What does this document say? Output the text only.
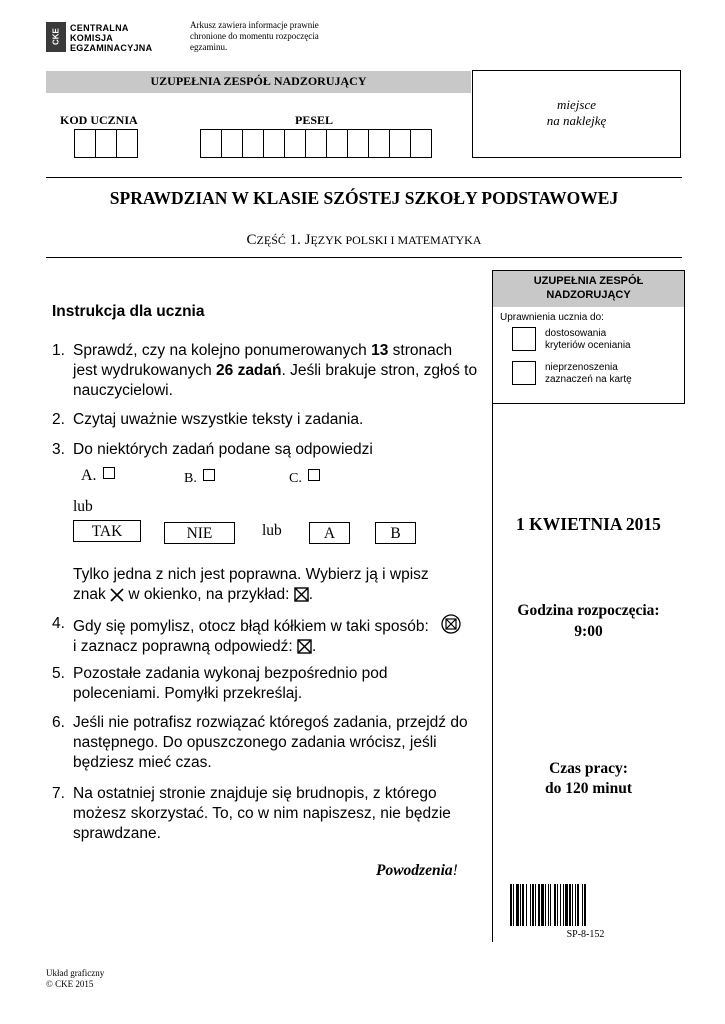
CKE
CENTRALNA
KOMISJA
EGZAMINACYJNA
Arkusz zawiera informacje prawnie chronione do momentu rozpoczęcia egzaminu.
UZUPEŁNIA ZESPÓŁ NADZORUJĄCY
KOD UCZNIA	PESEL
miejsce
na naklejkę
SPRAWDZIAN W KLASIE SZÓSTEJ SZKOŁY PODSTAWOWEJ
CZĘŚĆ 1. JĘZYK POLSKI I MATEMATYKA
UZUPEŁNIA ZESPÓŁ NADZORUJĄCY
Uprawnienia ucznia do:
dostosowania kryteriów oceniania
nieprzenoszenia zaznaczeń na kartę
1 KWIETNIA 2015
Godzina rozpoczęcia:
9:00
Czas pracy:
do 120 minut
SP-8-152
Instrukcja dla ucznia
1. Sprawdź, czy na kolejno ponumerowanych 13 stronach jest wydrukowanych 26 zadań. Jeśli brakuje stron, zgłoś to nauczycielowi.
2. Czytaj uważnie wszystkie teksty i zadania.
3. Do niektórych zadań podane są odpowiedzi
A.	B.	C.
lub
TAK	NIE	lub	A	B
Tylko jedna z nich jest poprawna. Wybierz ją i wpisz
znak w okienko, na przykład: ☒.
4. Gdy się pomylisz, otocz błąd kółkiem w taki sposób:
i zaznacz poprawną odpowiedź: ☒.
5. Pozostałe zadania wykonaj bezpośrednio pod poleceniami. Pomyłki przekreślaj.
6. Jeśli nie potrafisz rozwiązać któregoś zadania, przejdź do następnego. Do opuszczonego zadania wrócisz, jeśli będziesz mieć czas.
7. Na ostatniej stronie znajduje się brudnopis, z którego możesz skorzystać. To, co w nim napiszesz, nie będzie sprawdzane.
Powodzenia!
Układ graficzny
© CKE 2015
